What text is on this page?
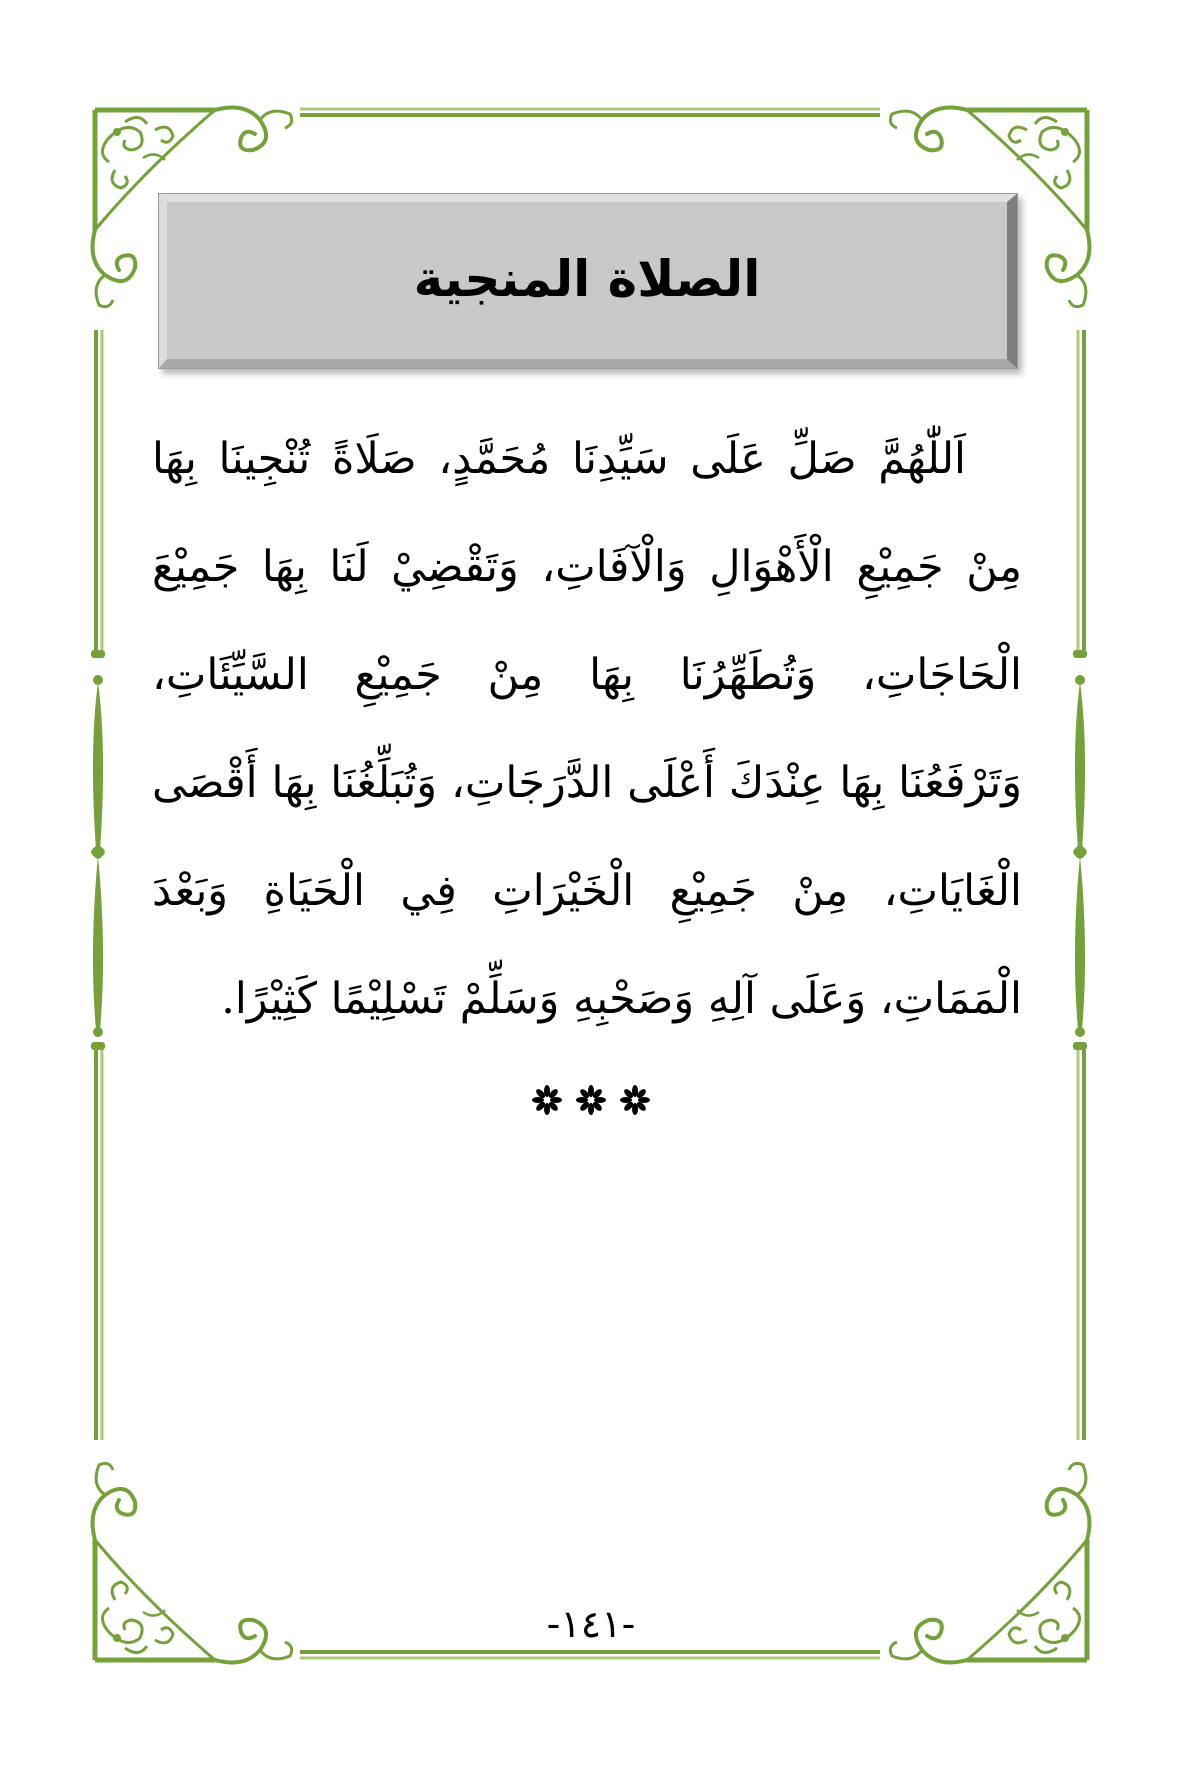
الصلاة المنجية
اَللّٰهُمَّ صَلِّ عَلَى سَيِّدِنَا مُحَمَّدٍ، صَلَاةً تُنْجِينَا بِهَا
مِنْ جَمِيْعِ الْأَهْوَالِ وَالْآفَاتِ، وَتَقْضِيْ لَنَا بِهَا جَمِيْعَ
الْحَاجَاتِ، وَتُطَهِّرُنَا بِهَا مِنْ جَمِيْعِ السَّيِّئَاتِ،
وَتَرْفَعُنَا بِهَا عِنْدَكَ أَعْلَى الدَّرَجَاتِ، وَتُبَلِّغُنَا بِهَا أَقْصَى
الْغَايَاتِ، مِنْ جَمِيْعِ الْخَيْرَاتِ فِي الْحَيَاةِ وَبَعْدَ
الْمَمَاتِ، وَعَلَى آلِهِ وَصَحْبِهِ وَسَلِّمْ تَسْلِيْمًا كَثِيْرًا.
-١٤١-
